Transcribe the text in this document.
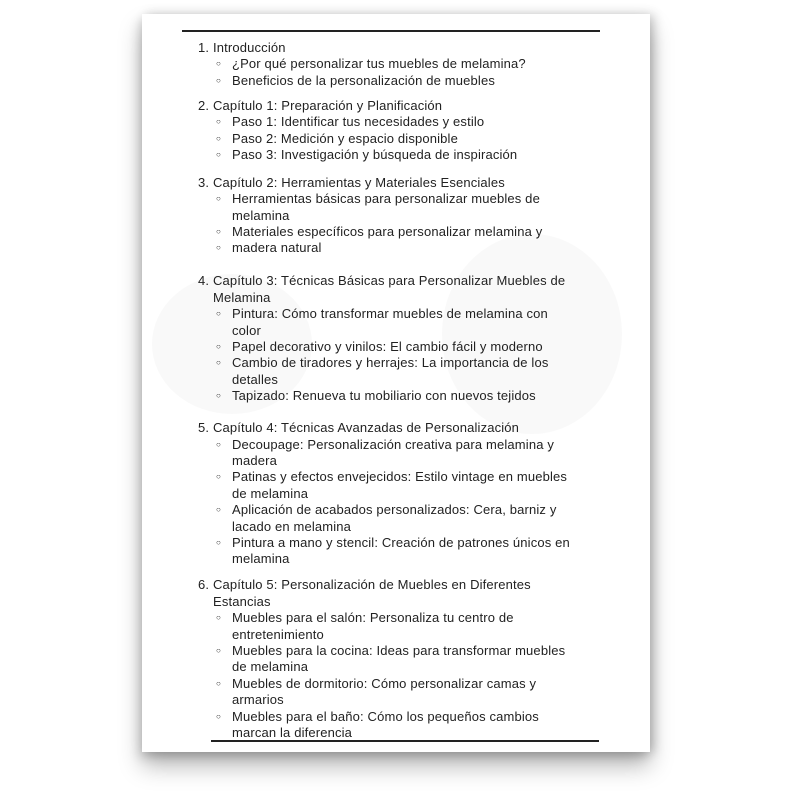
1. Introducción
○ ¿Por qué personalizar tus muebles de melamina?
○ Beneficios de la personalización de muebles
2. Capítulo 1: Preparación y Planificación
○ Paso 1: Identificar tus necesidades y estilo
○ Paso 2: Medición y espacio disponible
○ Paso 3: Investigación y búsqueda de inspiración
3. Capítulo 2: Herramientas y Materiales Esenciales
○ Herramientas básicas para personalizar muebles de
melamina
○ Materiales específicos para personalizar melamina y
○ madera natural
4. Capítulo 3: Técnicas Básicas para Personalizar Muebles de
Melamina
○ Pintura: Cómo transformar muebles de melamina con
color
○ Papel decorativo y vinilos: El cambio fácil y moderno
○ Cambio de tiradores y herrajes: La importancia de los
detalles
○ Tapizado: Renueva tu mobiliario con nuevos tejidos
5. Capítulo 4: Técnicas Avanzadas de Personalización
○ Decoupage: Personalización creativa para melamina y
madera
○ Patinas y efectos envejecidos: Estilo vintage en muebles
de melamina
○ Aplicación de acabados personalizados: Cera, barniz y
lacado en melamina
○ Pintura a mano y stencil: Creación de patrones únicos en
melamina
6. Capítulo 5: Personalización de Muebles en Diferentes
Estancias
○ Muebles para el salón: Personaliza tu centro de
entretenimiento
○ Muebles para la cocina: Ideas para transformar muebles
de melamina
○ Muebles de dormitorio: Cómo personalizar camas y
armarios
○ Muebles para el baño: Cómo los pequeños cambios
marcan la diferencia
